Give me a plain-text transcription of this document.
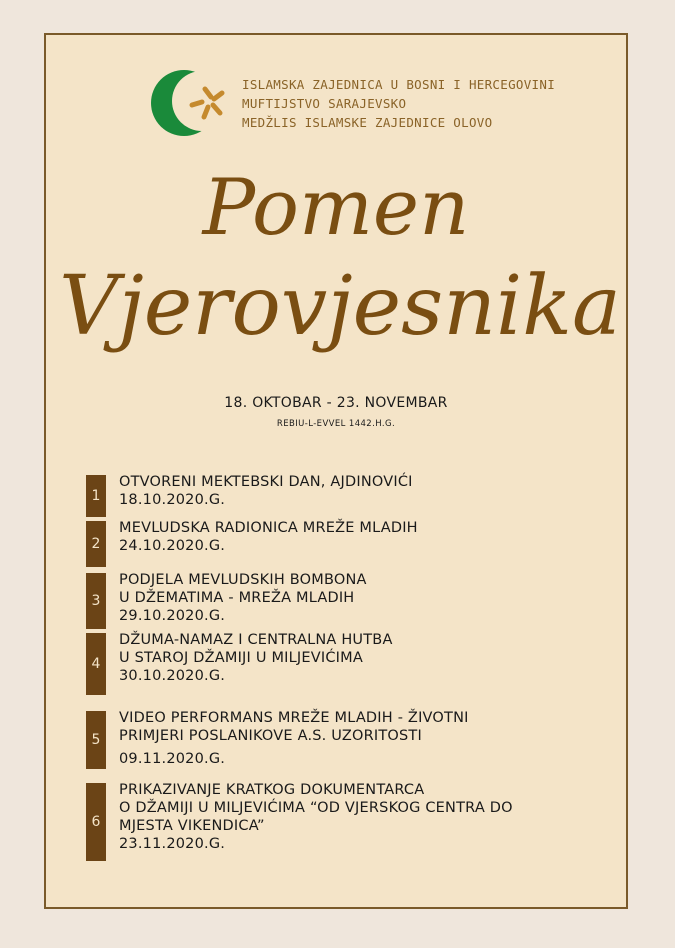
ISLAMSKA ZAJEDNICA U BOSNI I HERCEGOVINI
MUFTIJSTVO SARAJEVSKO
MEDŽLIS ISLAMSKE ZAJEDNICE OLOVO
Pomen
Vjerovjesnika
18. OKTOBAR - 23. NOVEMBAR
REBIU-L-EVVEL 1442.H.G.
1
OTVORENI MEKTEBSKI DAN, AJDINOVIĆI
18.10.2020.G.
2
MEVLUDSKA RADIONICA MREŽE MLADIH
24.10.2020.G.
3
PODJELA MEVLUDSKIH BOMBONA
U DŽEMATIMA - MREŽA MLADIH
29.10.2020.G.
4
DŽUMA-NAMAZ I CENTRALNA HUTBA
U STAROJ DŽAMIJI U MILJEVIĆIMA
30.10.2020.G.
5
VIDEO PERFORMANS MREŽE MLADIH - ŽIVOTNI
PRIMJERI POSLANIKOVE A.S. UZORITOSTI
09.11.2020.G.
6
PRIKAZIVANJE KRATKOG DOKUMENTARCA
O DŽAMIJI U MILJEVIĆIMA “OD VJERSKOG CENTRA DO
MJESTA VIKENDICA”
23.11.2020.G.
